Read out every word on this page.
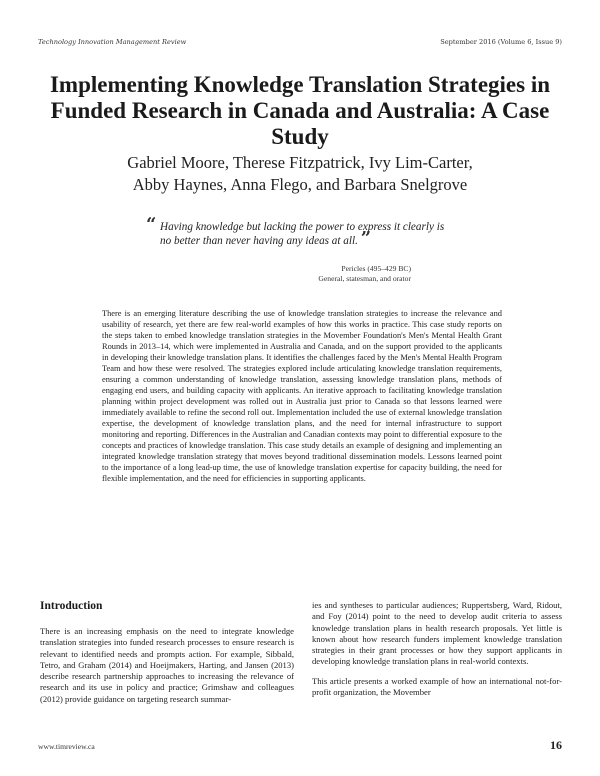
Technology Innovation Management Review	September 2016 (Volume 6, Issue 9)
Implementing Knowledge Translation Strategies in Funded Research in Canada and Australia: A Case Study
Gabriel Moore, Therese Fitzpatrick, Ivy Lim-Carter,
Abby Haynes, Anna Flego, and Barbara Snelgrove
“ Having knowledge but lacking the power to express it clearly is no better than never having any ideas at all. ”
Pericles (495–429 BC)
General, statesman, and orator
There is an emerging literature describing the use of knowledge translation strategies to increase the relevance and usability of research, yet there are few real-world examples of how this works in practice. This case study reports on the steps taken to embed knowledge translation strategies in the Movember Foundation's Men's Mental Health Grant Rounds in 2013–14, which were implemented in Australia and Canada, and on the support provided to the applicants in developing their knowledge translation plans. It identifies the challenges faced by the Men's Mental Health Program Team and how these were resolved. The strategies explored include articulating knowledge translation requirements, ensuring a common understanding of knowledge translation, assessing knowledge translation plans, methods of engaging end users, and building capacity with applicants. An iterative approach to facilitating knowledge translation planning within project development was rolled out in Australia just prior to Canada so that lessons learned were immediately available to refine the second roll out. Implementation included the use of external knowledge translation expertise, the development of knowledge translation plans, and the need for internal infrastructure to support monitoring and reporting. Differences in the Australian and Canadian contexts may point to differential exposure to the concepts and practices of knowledge translation. This case study details an example of designing and implementing an integrated knowledge translation strategy that moves beyond traditional dissemination models. Lessons learned point to the importance of a long lead-up time, the use of knowledge translation expertise for capacity building, the need for flexible implementation, and the need for efficiencies in supporting applicants.
Introduction

There is an increasing emphasis on the need to integrate knowledge translation strategies into funded research processes to ensure research is relevant to identified needs and prompts action. For example, Sibbald, Tetro, and Graham (2014) and Hoeijmakers, Harting, and Jansen (2013) describe research partnership approaches to increasing the relevance of research and its use in policy and practice; Grimshaw and colleagues (2012) provide guidance on targeting research summar-

ies and syntheses to particular audiences; Ruppertsberg, Ward, Ridout, and Foy (2014) point to the need to develop audit criteria to assess knowledge translation plans in health research proposals. Yet little is known about how research funders implement knowledge translation strategies in their grant processes or how they support applicants in developing knowledge translation plans in real-world contexts.

This article presents a worked example of how an international not-for-profit organization, the Movember

www.timreview.ca	16
